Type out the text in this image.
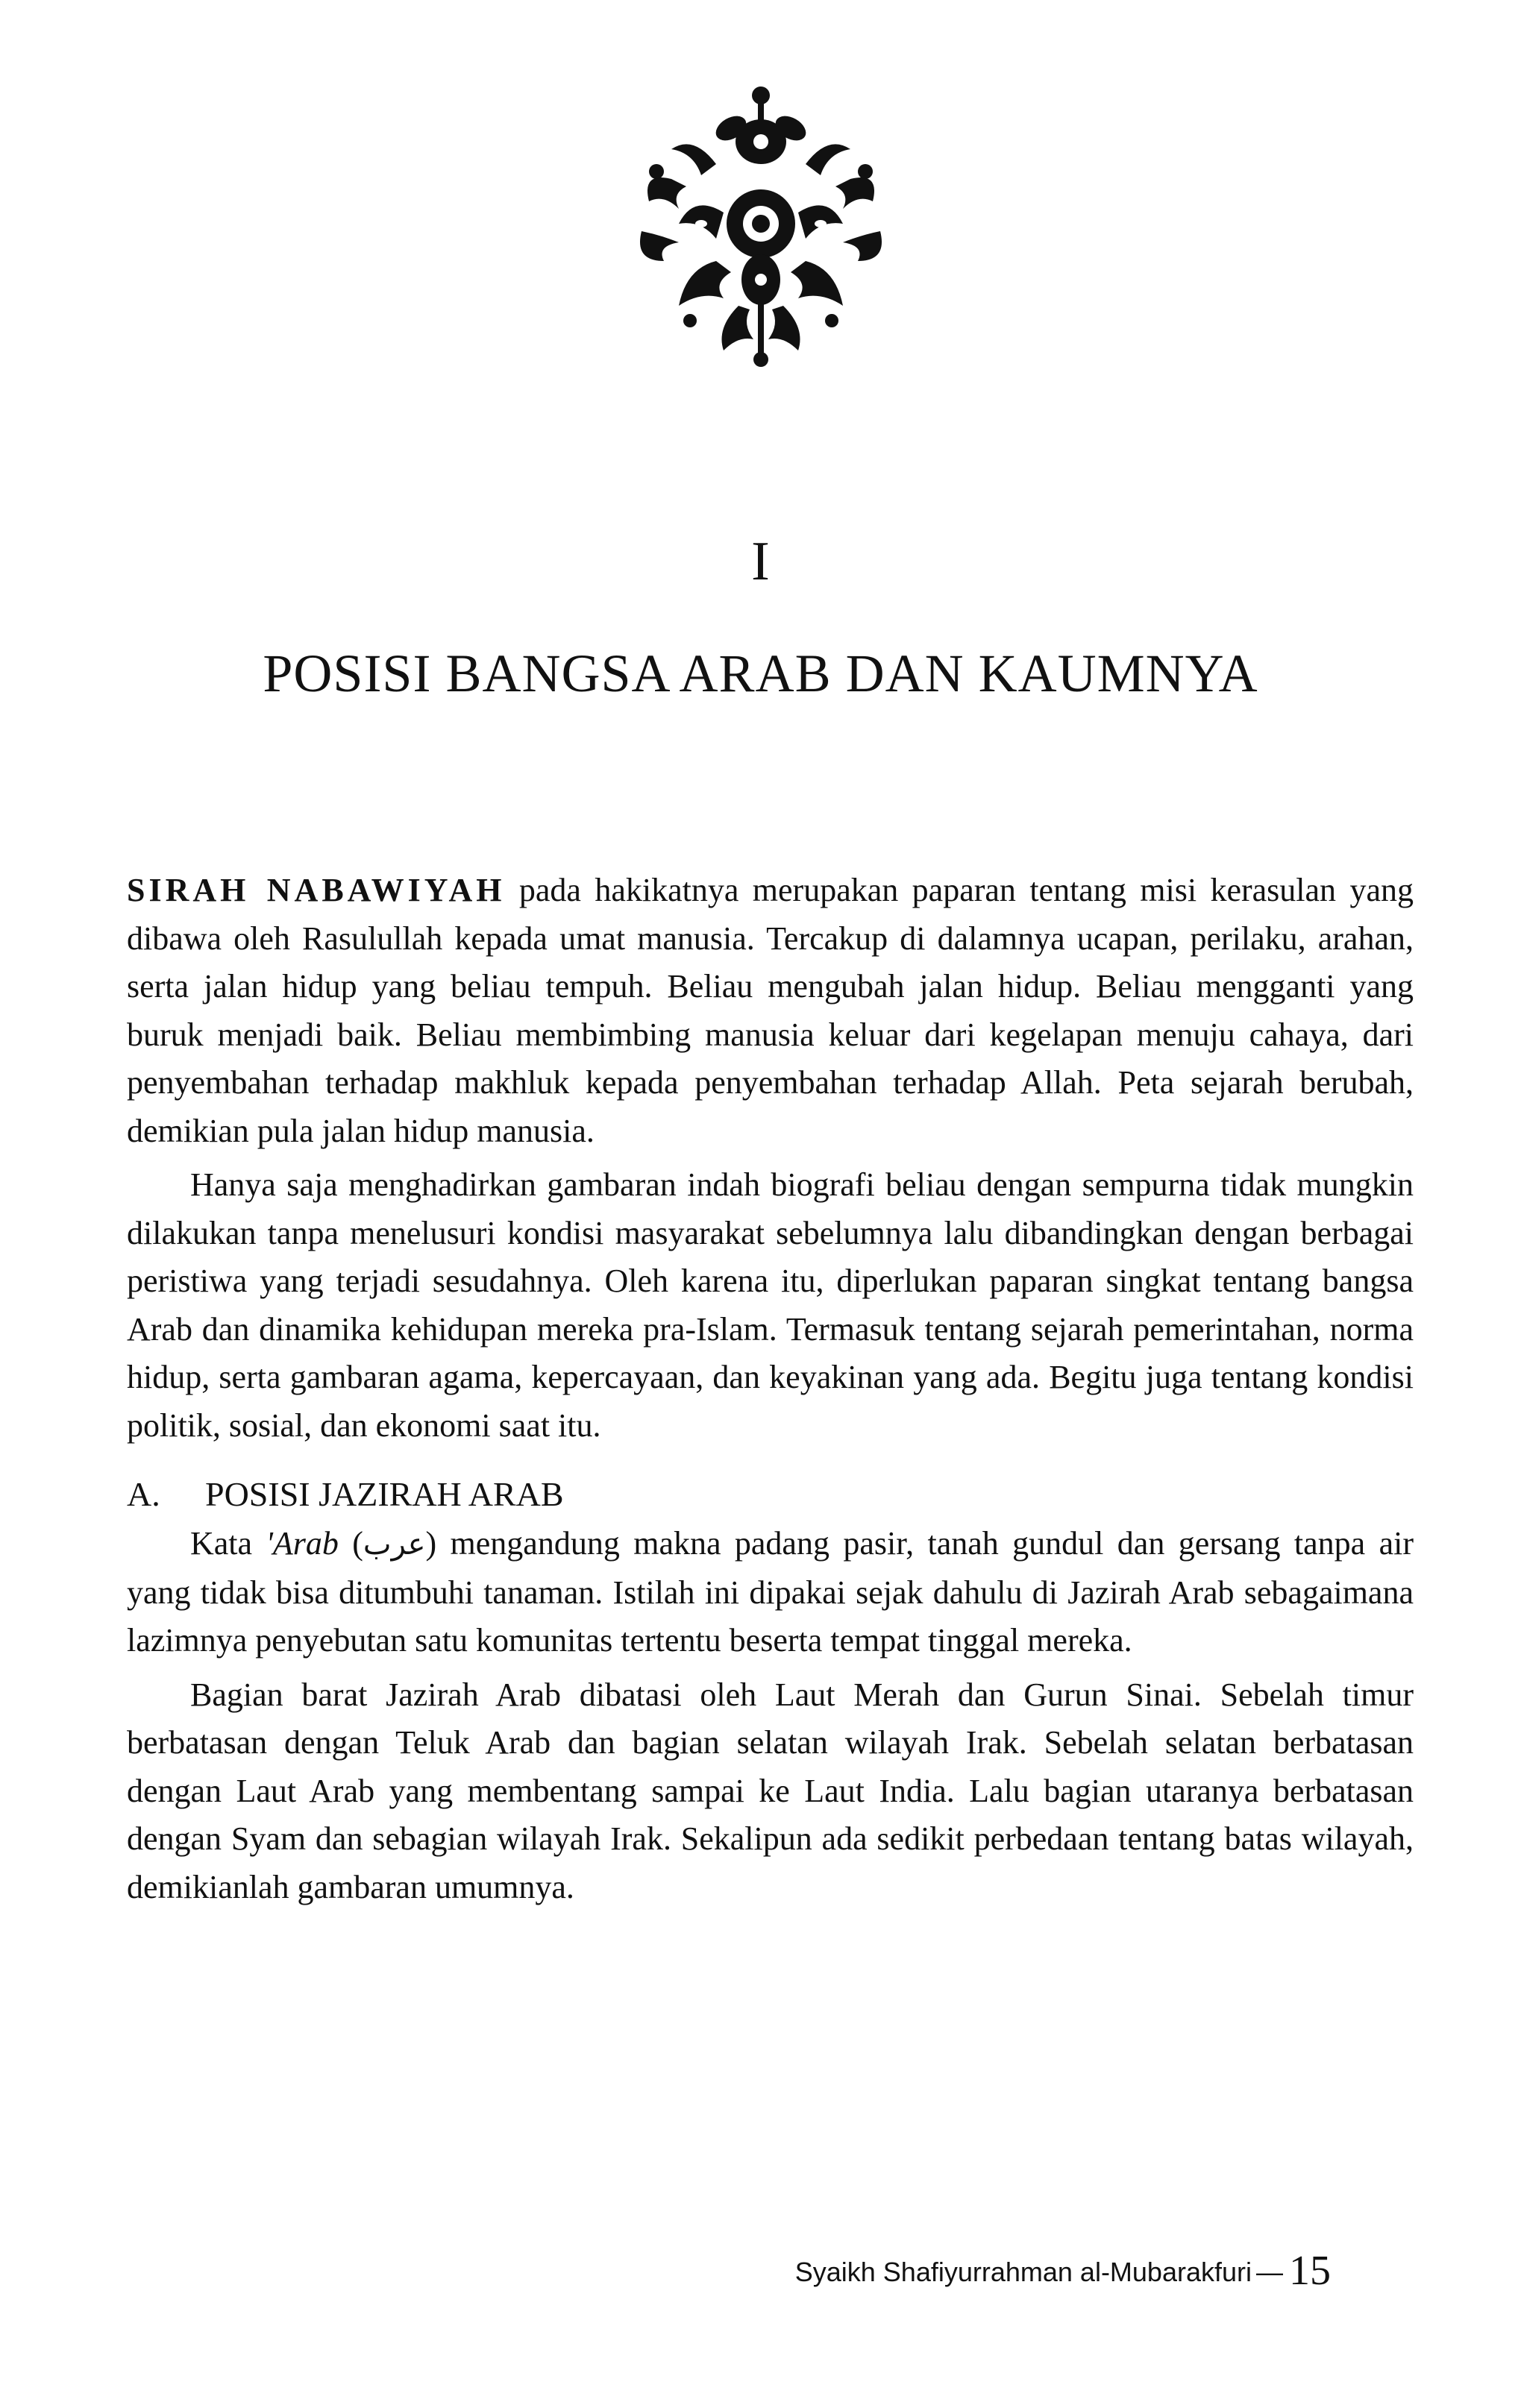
I
POSISI BANGSA ARAB DAN KAUMNYA

SIRAH NABAWIYAH pada hakikatnya merupakan paparan tentang misi kerasulan yang dibawa oleh Rasulullah kepada umat manusia. Tercakup di dalamnya ucapan, perilaku, arahan, serta jalan hidup yang beliau tempuh. Beliau mengubah jalan hidup. Beliau mengganti yang buruk menjadi baik. Beliau membimbing manusia keluar dari kegelapan menuju cahaya, dari penyembahan terhadap makhluk kepada penyembahan terhadap Allah. Peta sejarah berubah, demikian pula jalan hidup manusia.

Hanya saja menghadirkan gambaran indah biografi beliau dengan sempurna tidak mungkin dilakukan tanpa menelusuri kondisi masyarakat sebelumnya lalu dibandingkan dengan berbagai peristiwa yang terjadi sesudahnya. Oleh karena itu, diperlukan paparan singkat tentang bangsa Arab dan dinamika kehidupan mereka pra-Islam. Termasuk tentang sejarah pemerintahan, norma hidup, serta gambaran agama, kepercayaan, dan keyakinan yang ada. Begitu juga tentang kondisi politik, sosial, dan ekonomi saat itu.

A.	POSISI JAZIRAH ARAB

Kata 'Arab (عرب) mengandung makna padang pasir, tanah gundul dan gersang tanpa air yang tidak bisa ditumbuhi tanaman. Istilah ini dipakai sejak dahulu di Jazirah Arab sebagaimana lazimnya penyebutan satu komunitas tertentu beserta tempat tinggal mereka.

Bagian barat Jazirah Arab dibatasi oleh Laut Merah dan Gurun Sinai. Sebelah timur berbatasan dengan Teluk Arab dan bagian selatan wilayah Irak. Sebelah selatan berbatasan dengan Laut Arab yang membentang sampai ke Laut India. Lalu bagian utaranya berbatasan dengan Syam dan sebagian wilayah Irak. Sekalipun ada sedikit perbedaan tentang batas wilayah, demikianlah gambaran umumnya.

Syaikh Shafiyurrahman al-Mubarakfuri — 15
